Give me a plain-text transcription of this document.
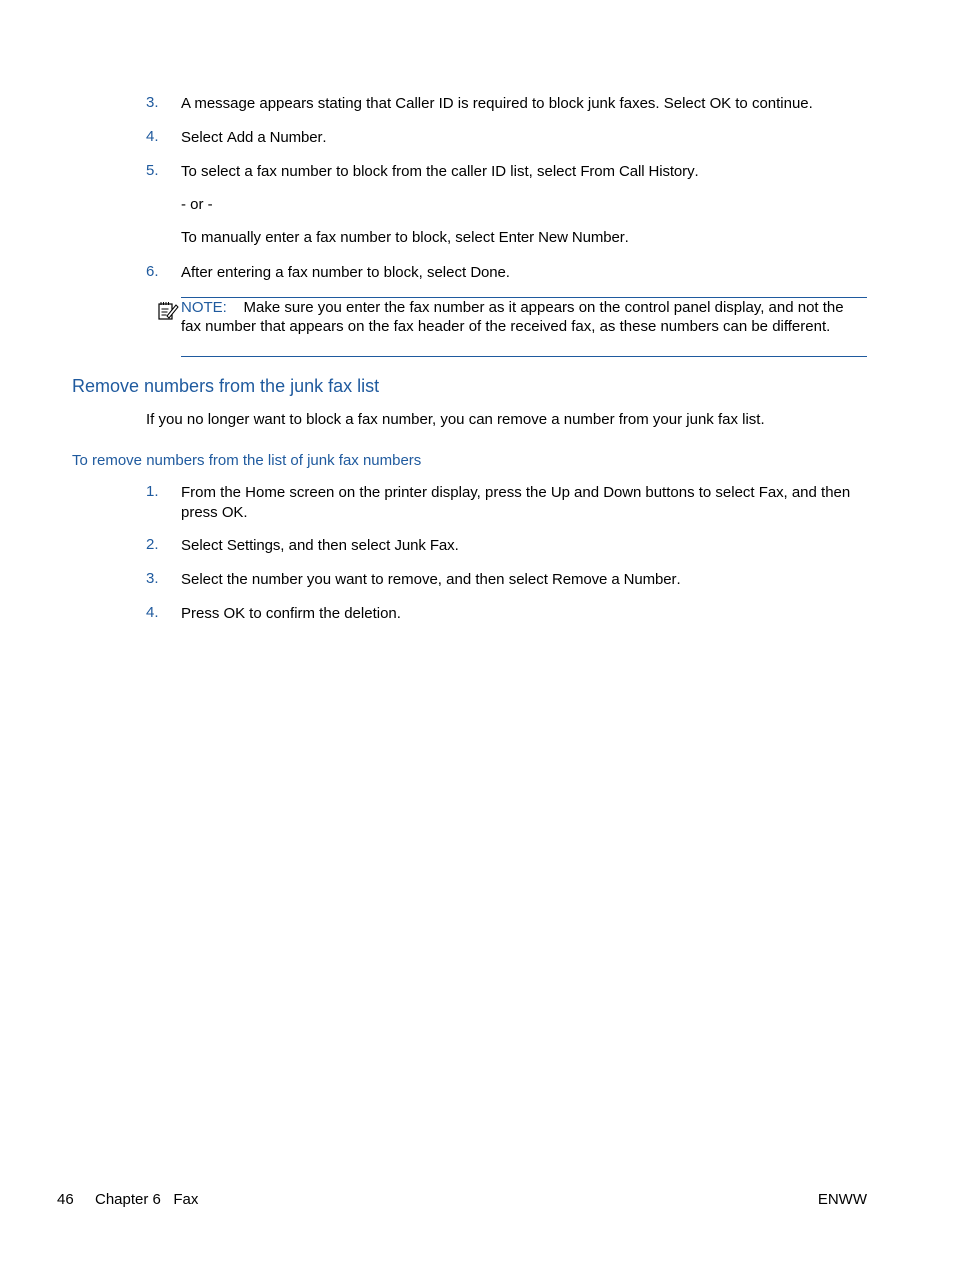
3. A message appears stating that Caller ID is required to block junk faxes. Select OK to continue.
4. Select Add a Number.
5. To select a fax number to block from the caller ID list, select From Call History.
- or -
To manually enter a fax number to block, select Enter New Number.
6. After entering a fax number to block, select Done.
NOTE: Make sure you enter the fax number as it appears on the control panel display, and not the fax number that appears on the fax header of the received fax, as these numbers can be different.
Remove numbers from the junk fax list
If you no longer want to block a fax number, you can remove a number from your junk fax list.
To remove numbers from the list of junk fax numbers
1. From the Home screen on the printer display, press the Up and Down buttons to select Fax, and then press OK.
2. Select Settings, and then select Junk Fax.
3. Select the number you want to remove, and then select Remove a Number.
4. Press OK to confirm the deletion.
46 Chapter 6   Fax	ENWW
